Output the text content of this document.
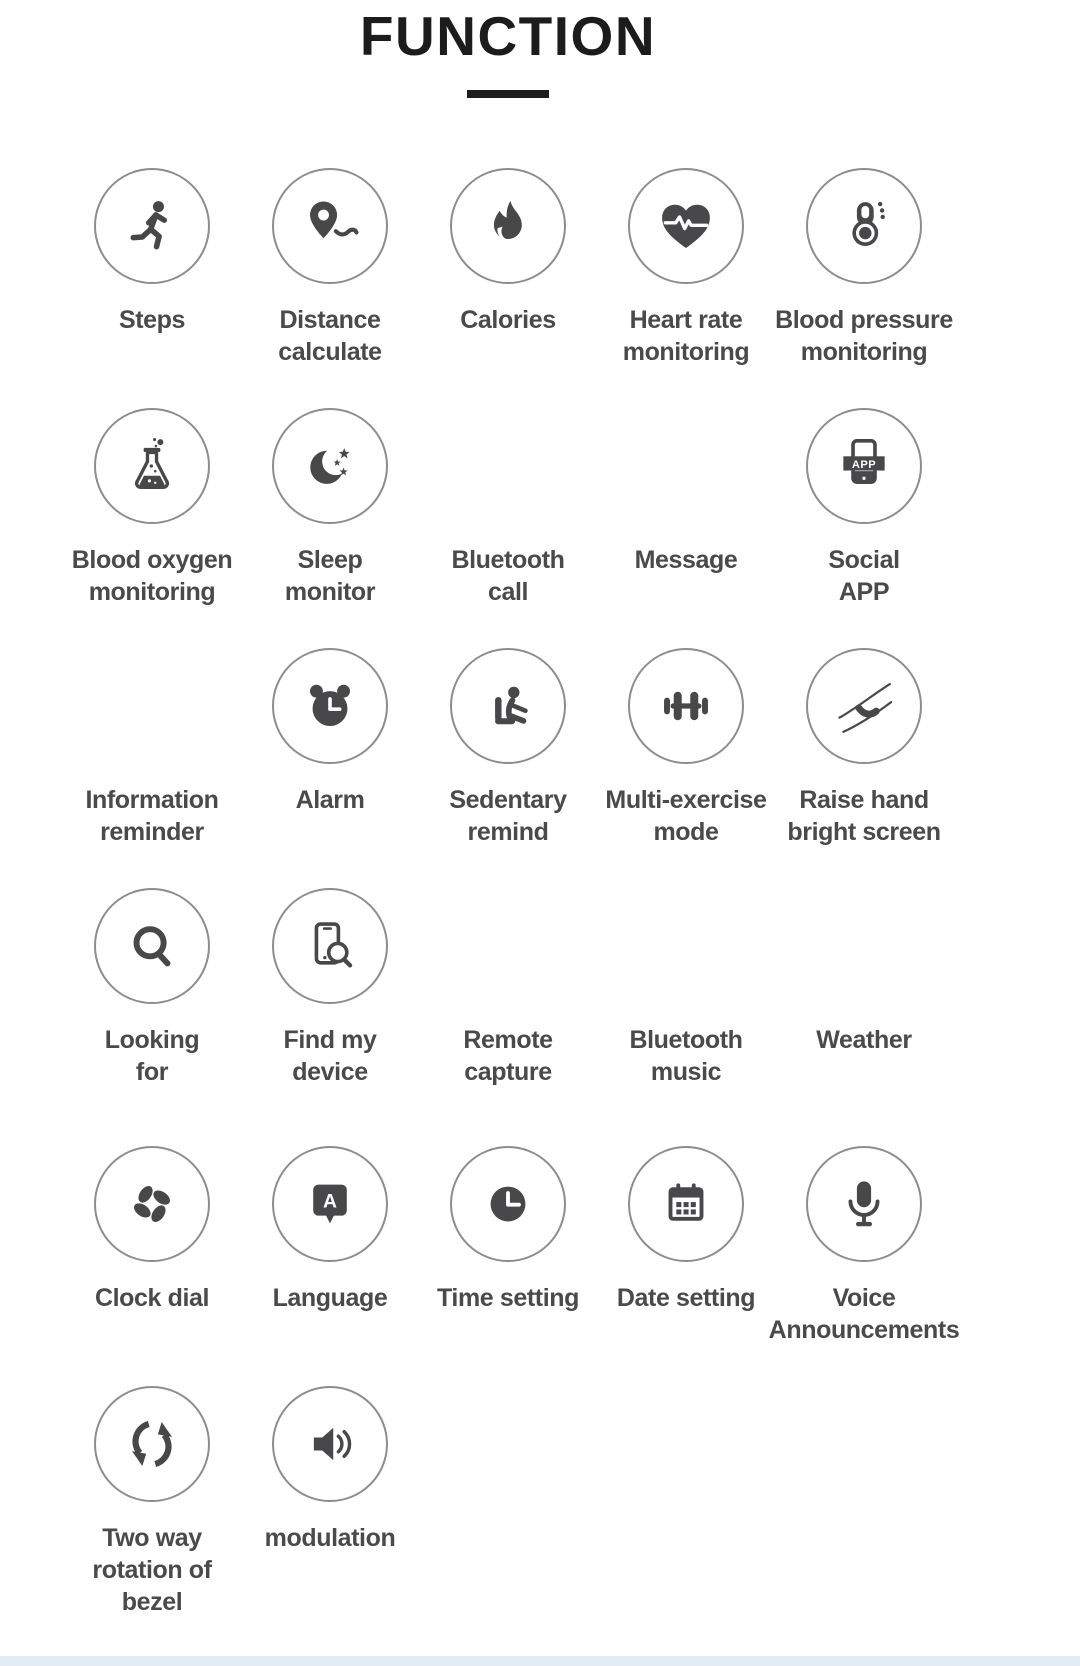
FUNCTION
Steps	Distance
calculate
Calories	Heart rate
monitoring
Blood pressure
monitoring
Blood oxygen
monitoring
Sleep
monitor
Bluetooth
call
Message
APP
Social
APP
Information
reminder
Alarm	Sedentary
remind
Multi-exercise
mode
Raise hand
bright screen
Looking
for
Find my
device
Remote
capture
Bluetooth
music
Weather
Clock dial
A
Language Time setting Date setting	Voice
Announcements
Two way
rotation of bezel
modulation
